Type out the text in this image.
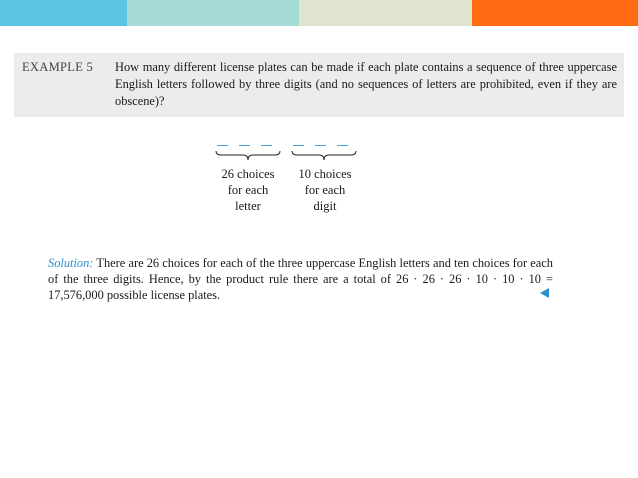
EXAMPLE 5 How many different license plates can be made if each plate contains a sequence of three uppercase English letters followed by three digits (and no sequences of letters are prohibited, even if they are obscene)?
26 choices
for each
letter
10 choices
for each
digit
Solution: There are 26 choices for each of the three uppercase English letters and ten choices for each of the three digits. Hence, by the product rule there are a total of 26 · 26 · 26 · 10 · 10 · 10 = 17,576,000 possible license plates.
